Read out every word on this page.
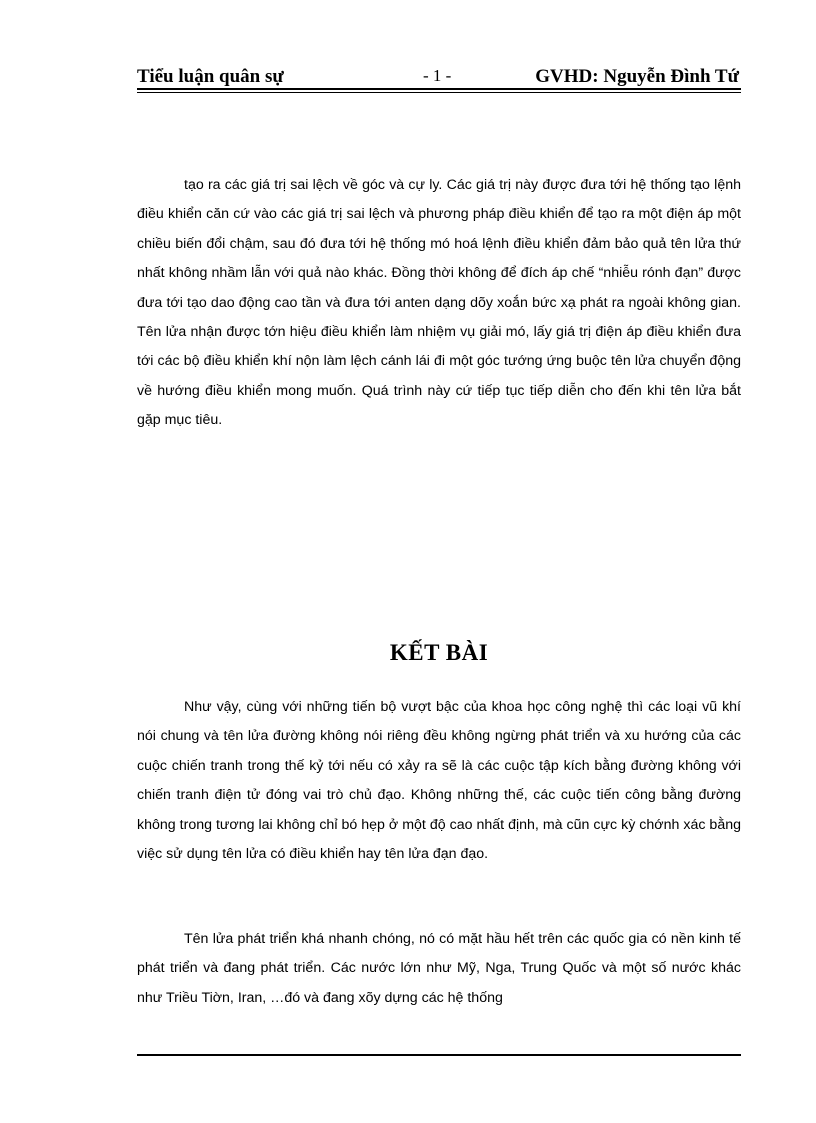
Tiểu luận quân sự	- 1 -	GVHD: Nguyễn Đình Tứ

tạo ra các giá trị sai lệch về góc và cự ly. Các giá trị này được đưa tới hệ thống tạo lệnh điều khiển căn cứ vào các giá trị sai lệch và phương pháp điều khiển để tạo ra một điện áp một chiều biến đổi chậm, sau đó đưa tới hệ thống mó hoá lệnh điều khiển đảm bảo quả tên lửa thứ nhất không nhầm lẫn với quả nào khác. Đồng thời không để đích áp chế “nhiễu rónh đạn” được đưa tới tạo dao động cao tần và đưa tới anten dạng dõy xoắn bức xạ phát ra ngoài không gian. Tên lửa nhận được tớn hiệu điều khiển làm nhiệm vụ giải mó, lấy giá trị điện áp điều khiển đưa tới các bộ điều khiển khí nộn làm lệch cánh lái đi một góc tướng ứng buộc tên lửa chuyển động về hướng điều khiển mong muốn. Quá trình này cứ tiếp tục tiếp diễn cho đến khi tên lửa bắt gặp mục tiêu.

KẾT BÀI

Như vậy, cùng với những tiến bộ vượt bậc của khoa học công nghệ thì các loại vũ khí nói chung và tên lửa đường không nói riêng đều không ngừng phát triển và xu hướng của các cuộc chiến tranh trong thế kỷ tới nếu có xảy ra sẽ là các cuộc tập kích bằng đường không với chiến tranh điện tử đóng vai trò chủ đạo. Không những thế, các cuộc tiến công bằng đường không trong tương lai không chỉ bó hẹp ở một độ cao nhất định, mà cũn cực kỳ chớnh xác bằng việc sử dụng tên lửa có điều khiển hay tên lửa đạn đạo.

Tên lửa phát triển khá nhanh chóng, nó có mặt hầu hết trên các quốc gia có nền kinh tế phát triển và đang phát triển. Các nước lớn như Mỹ, Nga, Trung Quốc và một số nước khác như Triều Tiờn, Iran, …đó và đang xõy dựng các hệ thống
